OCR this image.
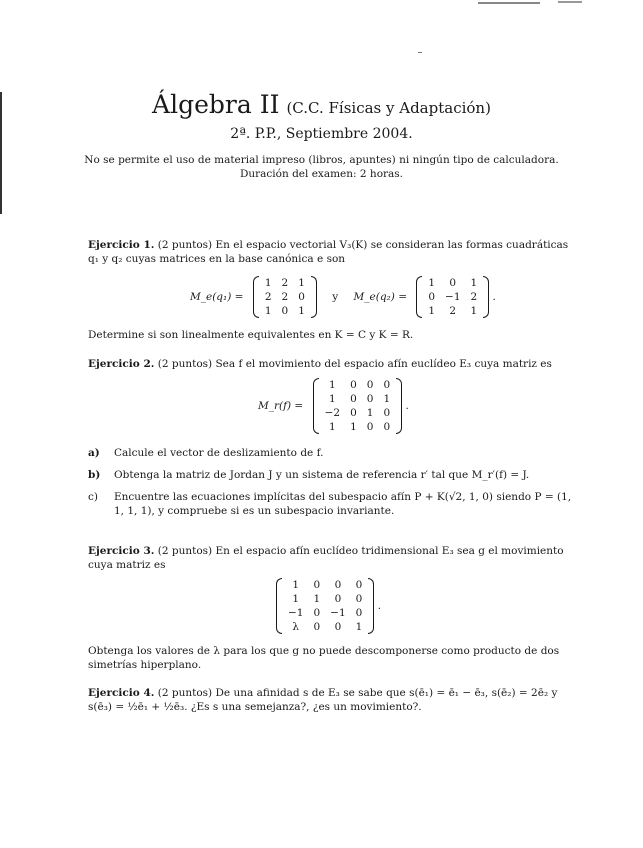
Álgebra II (C.C. Físicas y Adaptación)
2ª. P.P., Septiembre 2004.
No se permite el uso de material impreso (libros, apuntes) ni ningún tipo de calculadora.
Duración del examen: 2 horas.
Ejercicio 1. (2 puntos) En el espacio vectorial V₃(K) se consideran las formas cuadráticas q₁ y q₂ cuyas matrices en la base canónica e son
M_e(q₁) =
1	2	1
2	2	0
1	0	1
y M_e(q₂) =
1	0	1
0	−1	2
1	2	1
.
Determine si son linealmente equivalentes en K = C y K = R.
Ejercicio 2. (2 puntos) Sea f el movimiento del espacio afín euclídeo E₃ cuya matriz es
M_r(f) =
1	0	0	0
1	0	0	1
−2	0	1	0
1	1	0	0
.
a) Calcule el vector de deslizamiento de f.
b) Obtenga la matriz de Jordan J y un sistema de referencia r′ tal que M_r′(f) = J.
c) Encuentre las ecuaciones implícitas del subespacio afín P + K(√2, 1, 0) siendo P = (1, 1, 1, 1), y compruebe si es un subespacio invariante.
Ejercicio 3. (2 puntos) En el espacio afín euclídeo tridimensional E₃ sea g el movimiento cuya matriz es
1	0	0	0
1	1	0	0
−1	0	−1	0
λ	0	0	1
.
Obtenga los valores de λ para los que g no puede descomponerse como producto de dos simetrías hiperplano.
Ejercicio 4. (2 puntos) De una afinidad s de E₃ se sabe que s(ē₁) = ē₁ − ē₃, s(ē₂) = 2ē₂ y s(ē₃) = ½ē₁ + ½ē₃. ¿Es s una semejanza?, ¿es un movimiento?.
